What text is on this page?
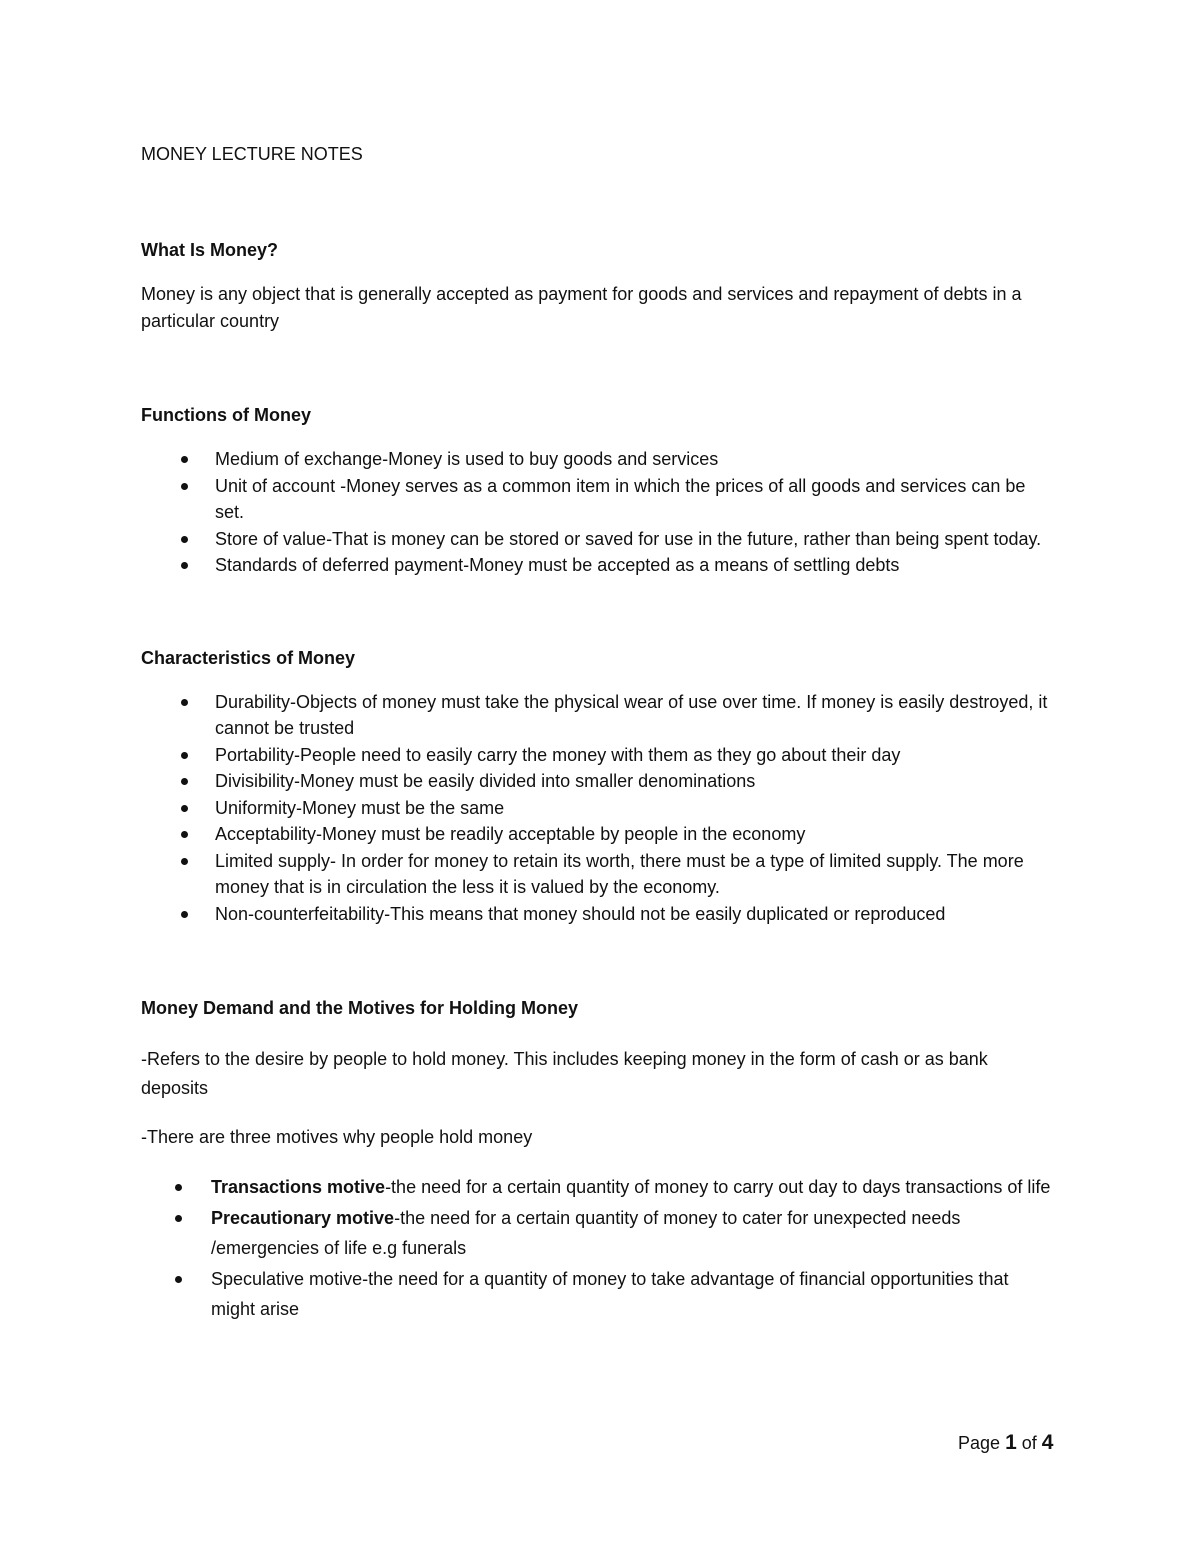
MONEY LECTURE NOTES
What Is Money?

Money is any object that is generally accepted as payment for goods and services and repayment of debts in a particular country

Functions of Money
Medium of exchange-Money is used to buy goods and services
Unit of account -Money serves as a common item in which the prices of all goods and services can be set.
Store of value-That is money can be stored or saved for use in the future, rather than being spent today.
Standards of deferred payment-Money must be accepted as a means of settling debts
Characteristics of Money
Durability-Objects of money must take the physical wear of use over time. If money is easily destroyed, it cannot be trusted
Portability-People need to easily carry the money with them as they go about their day
Divisibility-Money must be easily divided into smaller denominations
Uniformity-Money must be the same
Acceptability-Money must be readily acceptable by people in the economy
Limited supply- In order for money to retain its worth, there must be a type of limited supply. The more money that is in circulation the less it is valued by the economy.
Non-counterfeitability-This means that money should not be easily duplicated or reproduced
Money Demand and the Motives for Holding Money

-Refers to the desire by people to hold money. This includes keeping money in the form of cash or as bank deposits

-There are three motives why people hold money

Transactions motive-the need for a certain quantity of money to carry out day to days transactions of life
Precautionary motive-the need for a certain quantity of money to cater for unexpected needs /emergencies of life e.g funerals
Speculative motive-the need for a quantity of money to take advantage of financial opportunities that might arise
Page 1 of 4
